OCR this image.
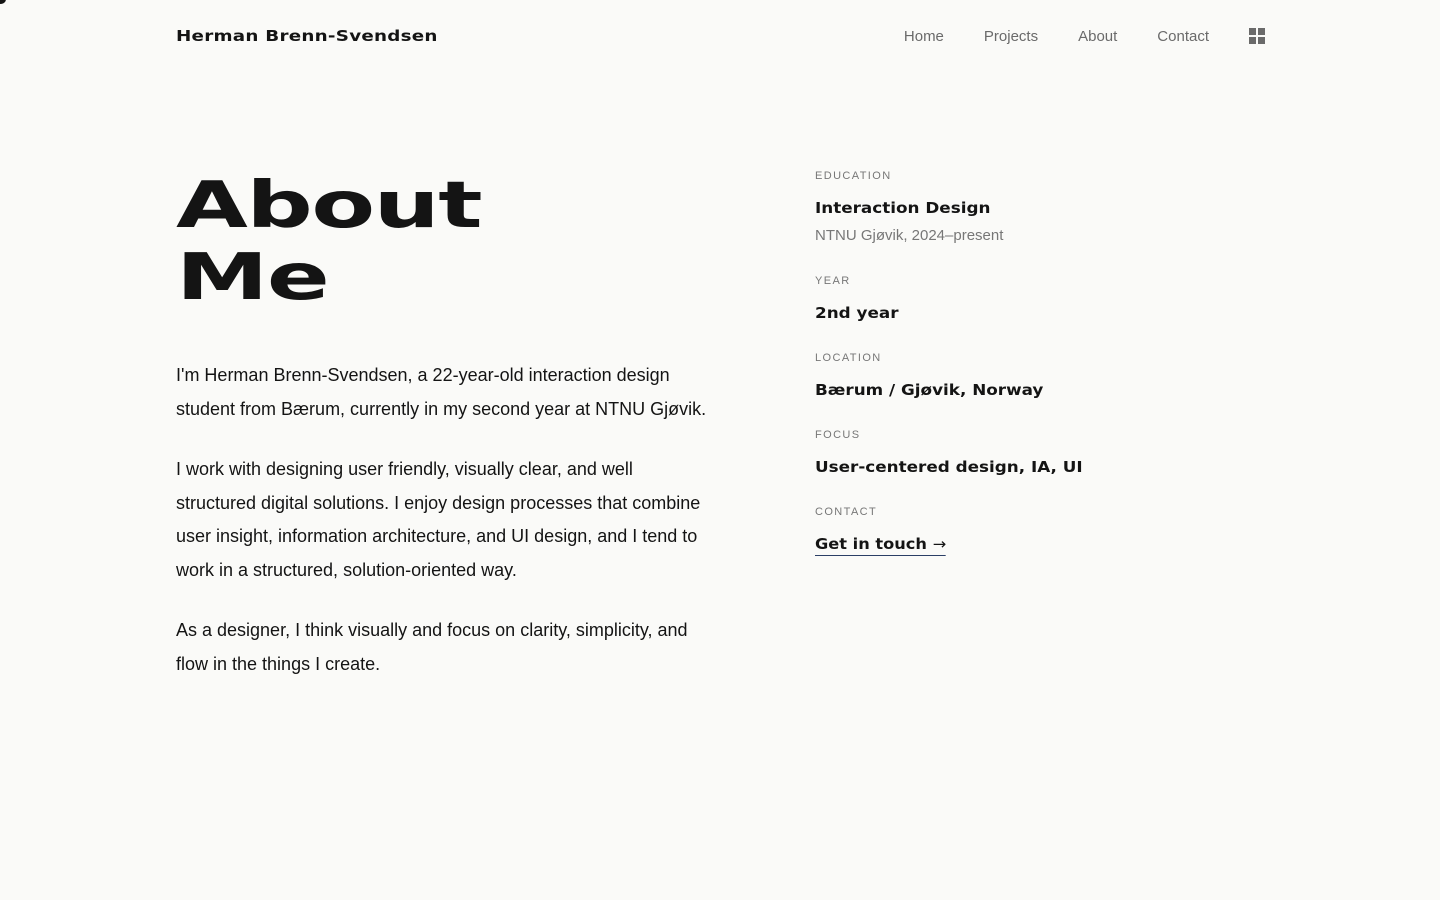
Herman Brenn-Svendsen	Home	Projects	About	Contact
About
Me

I'm Herman Brenn-Svendsen, a 22-year-old interaction design student from Bærum, currently in my second year at NTNU Gjøvik.

I work with designing user friendly, visually clear, and well structured digital solutions. I enjoy design processes that combine user insight, information architecture, and UI design, and I tend to work in a structured, solution-oriented way.

As a designer, I think visually and focus on clarity, simplicity, and flow in the things I create.

EDUCATION
Interaction Design
NTNU Gjøvik, 2024–present
YEAR
2nd year
LOCATION
Bærum / Gjøvik, Norway
FOCUS
User-centered design, IA, UI
CONTACT
Get in touch →
